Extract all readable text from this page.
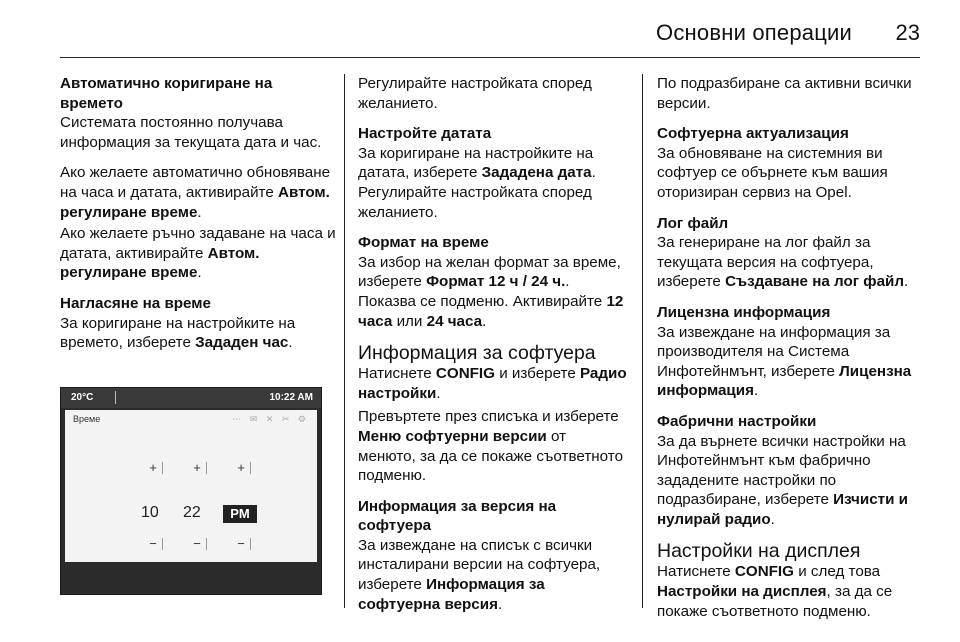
Основни операции 23
Автоматично коригиране на времето
Системата постоянно получава информация за текущата дата и час.
Ако желаете автоматично обновяване на часа и датата, активирайте Автом. регулиране време.
Ако желаете ръчно задаване на часа и датата, активирайте Автом. регулиране време.
Нагласяне на време
За коригиране на настройките на времето, изберете Зададен час.
20°C	10:22 AM
Време	⋯ ✉ ✕ ✂ ⚙
+	+	+
10 22	PM
−	−	−
Регулирайте настройката според желанието.
Настройте датата
За коригиране на настройките на датата, изберете Зададена дата. Регулирайте настройката според желанието.
Формат на време
За избор на желан формат за време, изберете Формат 12 ч / 24 ч.. Показва се подменю. Активирайте 12 часа или 24 часа.
Информация за софтуера
Натиснете CONFIG и изберете Радио настройки.
Превъртете през списъка и изберете Меню софтуерни версии от менюто, за да се покаже съответното подменю.
Информация за версия на софтуера
За извеждане на списък с всички инсталирани версии на софтуера, изберете Информация за софтуерна версия.
По подразбиране са активни всички версии.
Софтуерна актуализация
За обновяване на системния ви софтуер се обърнете към вашия оторизиран сервиз на Opel.
Лог файл
За генериране на лог файл за текущата версия на софтуера, изберете Създаване на лог файл.
Лицензна информация
За извеждане на информация за производителя на Система Инфотейнмънт, изберете Лицензна информация.
Фабрични настройки
За да върнете всички настройки на Инфотейнмънт към фабрично зададените настройки по подразбиране, изберете Изчисти и нулирай радио.
Настройки на дисплея
Натиснете CONFIG и след това Настройки на дисплея, за да се покаже съответното подменю.
